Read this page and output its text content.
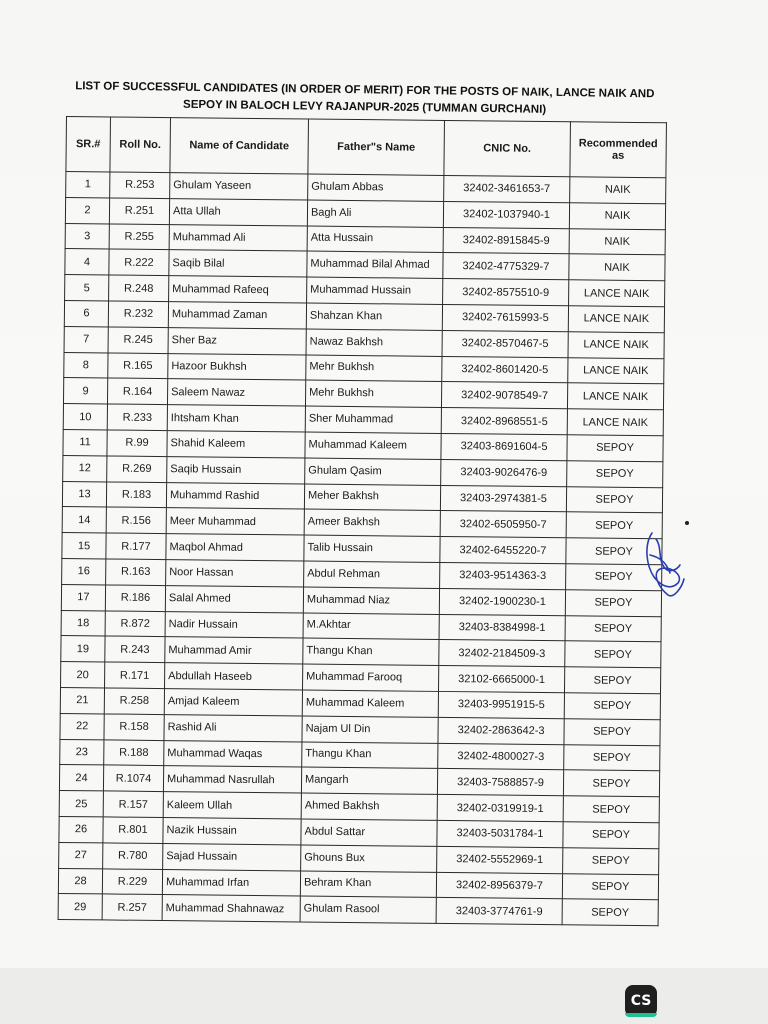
LIST OF SUCCESSFUL CANDIDATES (IN ORDER OF MERIT) FOR THE POSTS OF NAIK, LANCE NAIK AND
SEPOY IN BALOCH LEVY RAJANPUR-2025 (TUMMAN GURCHANI)
SR.#	Roll No.	Name of Candidate	Father"s Name	CNIC No.	Recommended as
1	R.253	Ghulam Yaseen	Ghulam Abbas	32402-3461653-7	NAIK
2	R.251	Atta Ullah	Bagh Ali	32402-1037940-1	NAIK
3	R.255	Muhammad Ali	Atta Hussain	32402-8915845-9	NAIK
4	R.222	Saqib Bilal	Muhammad Bilal Ahmad	32402-4775329-7	NAIK
5	R.248	Muhammad Rafeeq	Muhammad Hussain	32402-8575510-9	LANCE NAIK
6	R.232	Muhammad Zaman	Shahzan Khan	32402-7615993-5	LANCE NAIK
7	R.245	Sher Baz	Nawaz Bakhsh	32402-8570467-5	LANCE NAIK
8	R.165	Hazoor Bukhsh	Mehr Bukhsh	32402-8601420-5	LANCE NAIK
9	R.164	Saleem Nawaz	Mehr Bukhsh	32402-9078549-7	LANCE NAIK
10	R.233	Ihtsham Khan	Sher Muhammad	32402-8968551-5	LANCE NAIK
11	R.99	Shahid Kaleem	Muhammad Kaleem	32403-8691604-5	SEPOY
12	R.269	Saqib Hussain	Ghulam Qasim	32403-9026476-9	SEPOY
13	R.183	Muhammd Rashid	Meher Bakhsh	32403-2974381-5	SEPOY
14	R.156	Meer Muhammad	Ameer Bakhsh	32402-6505950-7	SEPOY
15	R.177	Maqbol Ahmad	Talib Hussain	32402-6455220-7	SEPOY
16	R.163	Noor Hassan	Abdul Rehman	32403-9514363-3	SEPOY
17	R.186	Salal Ahmed	Muhammad Niaz	32402-1900230-1	SEPOY
18	R.872	Nadir Hussain	M.Akhtar	32403-8384998-1	SEPOY
19	R.243	Muhammad Amir	Thangu Khan	32402-2184509-3	SEPOY
20	R.171	Abdullah Haseeb	Muhammad Farooq	32102-6665000-1	SEPOY
21	R.258	Amjad Kaleem	Muhammad Kaleem	32403-9951915-5	SEPOY
22	R.158	Rashid Ali	Najam Ul Din	32402-2863642-3	SEPOY
23	R.188	Muhammad Waqas	Thangu Khan	32402-4800027-3	SEPOY
24	R.1074	Muhammad Nasrullah	Mangarh	32403-7588857-9	SEPOY
25	R.157	Kaleem Ullah	Ahmed Bakhsh	32402-0319919-1	SEPOY
26	R.801	Nazik Hussain	Abdul Sattar	32403-5031784-1	SEPOY
27	R.780	Sajad Hussain	Ghouns Bux	32402-5552969-1	SEPOY
28	R.229	Muhammad Irfan	Behram Khan	32402-8956379-7	SEPOY
29	R.257	Muhammad Shahnawaz	Ghulam Rasool	32403-3774761-9	SEPOY
CS
